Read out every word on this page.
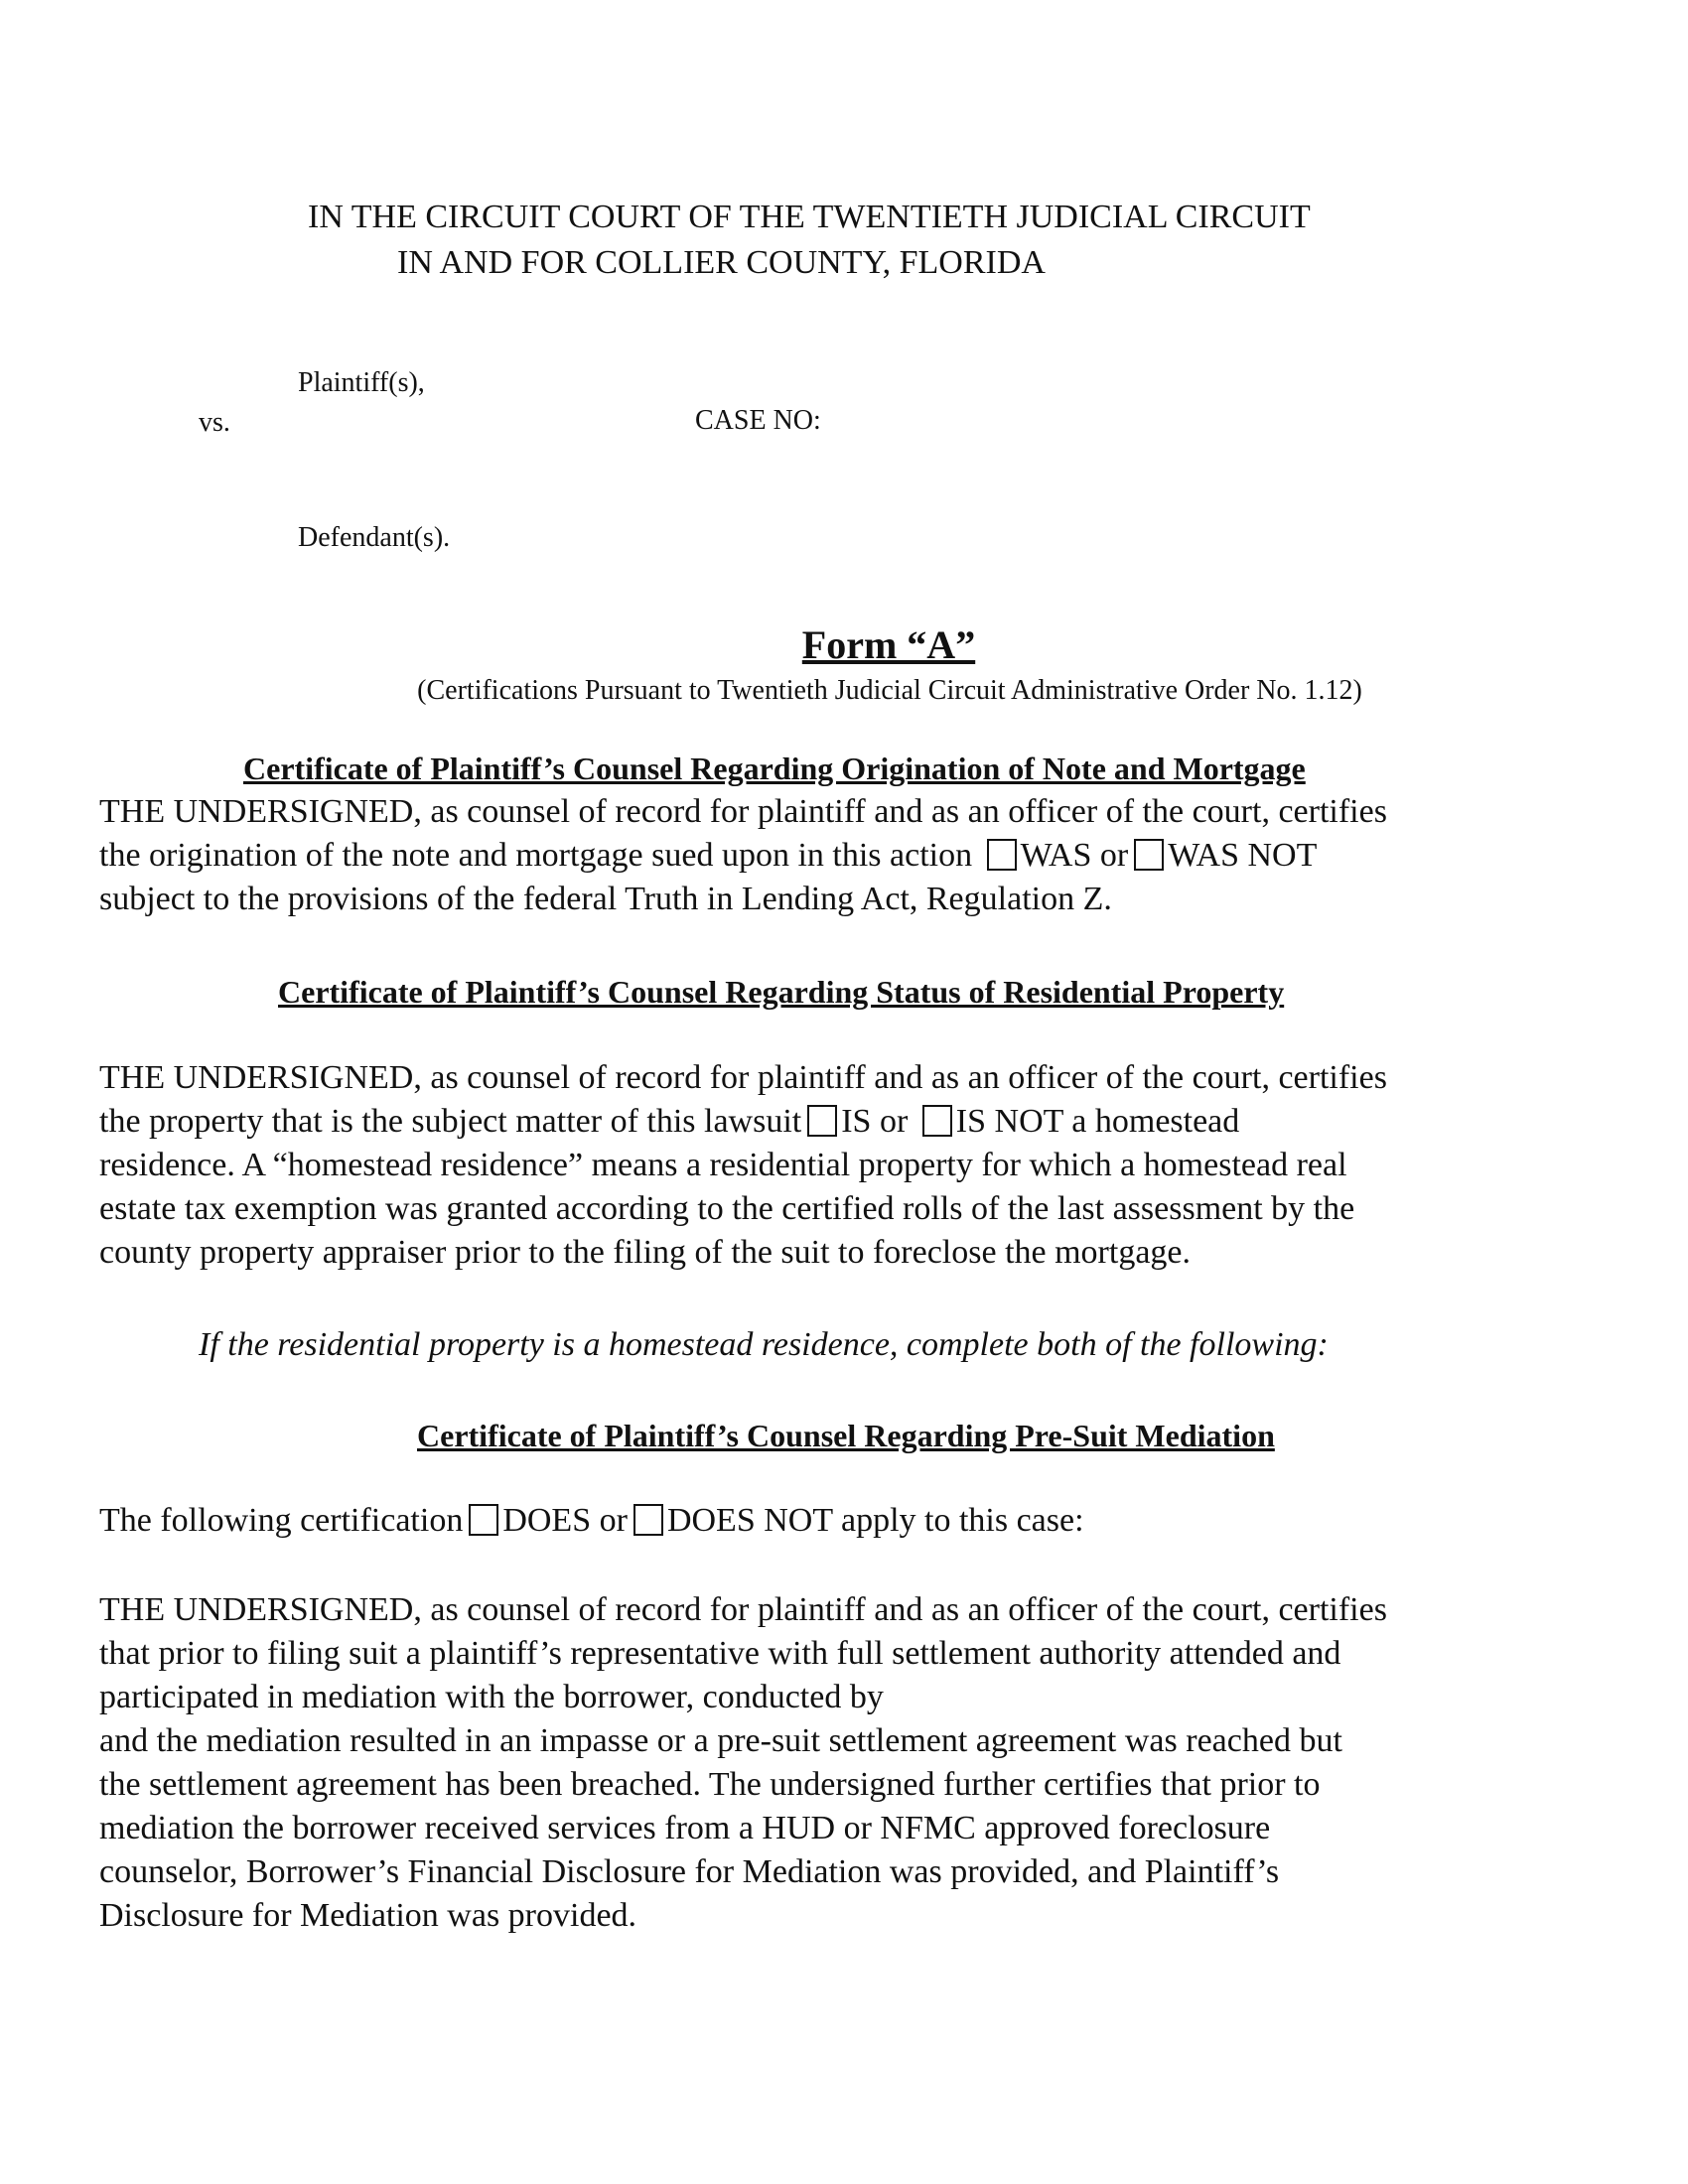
IN THE CIRCUIT COURT OF THE TWENTIETH JUDICIAL CIRCUIT
IN AND FOR COLLIER COUNTY, FLORIDA
Plaintiff(s),
vs.	CASE NO:
Defendant(s).
Form “A”
(Certifications Pursuant to Twentieth Judicial Circuit Administrative Order No. 1.12)
Certificate of Plaintiff’s Counsel Regarding Origination of Note and Mortgage
THE UNDERSIGNED, as counsel of record for plaintiff and as an officer of the court, certifies
the origination of the note and mortgage sued upon in this action WAS or WAS NOT
subject to the provisions of the federal Truth in Lending Act, Regulation Z.
Certificate of Plaintiff’s Counsel Regarding Status of Residential Property
THE UNDERSIGNED, as counsel of record for plaintiff and as an officer of the court, certifies
the property that is the subject matter of this lawsuit IS or IS NOT a homestead
residence. A “homestead residence” means a residential property for which a homestead real
estate tax exemption was granted according to the certified rolls of the last assessment by the
county property appraiser prior to the filing of the suit to foreclose the mortgage.
If the residential property is a homestead residence, complete both of the following:
Certificate of Plaintiff’s Counsel Regarding Pre-Suit Mediation
The following certification DOES or DOES NOT apply to this case:
THE UNDERSIGNED, as counsel of record for plaintiff and as an officer of the court, certifies
that prior to filing suit a plaintiff’s representative with full settlement authority attended and
participated in mediation with the borrower, conducted by
and the mediation resulted in an impasse or a pre-suit settlement agreement was reached but
the settlement agreement has been breached. The undersigned further certifies that prior to
mediation the borrower received services from a HUD or NFMC approved foreclosure
counselor, Borrower’s Financial Disclosure for Mediation was provided, and Plaintiff’s
Disclosure for Mediation was provided.
